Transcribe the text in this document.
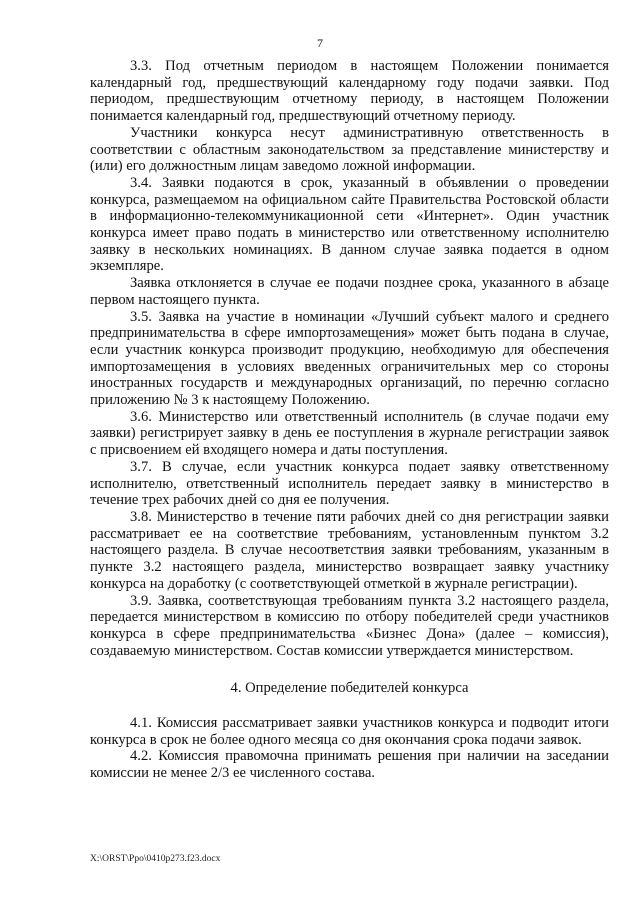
7

3.3. Под отчетным периодом в настоящем Положении понимается календарный год, предшествующий календарному году подачи заявки. Под периодом, предшествующим отчетному периоду, в настоящем Положении понимается календарный год, предшествующий отчетному периоду.

Участники конкурса несут административную ответственность в соответствии с областным законодательством за представление министерству и (или) его должностным лицам заведомо ложной информации.

3.4. Заявки подаются в срок, указанный в объявлении о проведении конкурса, размещаемом на официальном сайте Правительства Ростовской области в информационно-телекоммуникационной сети «Интернет». Один участник конкурса имеет право подать в министерство или ответственному исполнителю заявку в нескольких номинациях. В данном случае заявка подается в одном экземпляре.

Заявка отклоняется в случае ее подачи позднее срока, указанного в абзаце первом настоящего пункта.

3.5. Заявка на участие в номинации «Лучший субъект малого и среднего предпринимательства в сфере импортозамещения» может быть подана в случае, если участник конкурса производит продукцию, необходимую для обеспечения импортозамещения в условиях введенных ограничительных мер со стороны иностранных государств и международных организаций, по перечню согласно приложению № 3 к настоящему Положению.

3.6. Министерство или ответственный исполнитель (в случае подачи ему заявки) регистрирует заявку в день ее поступления в журнале регистрации заявок с присвоением ей входящего номера и даты поступления.

3.7. В случае, если участник конкурса подает заявку ответственному исполнителю, ответственный исполнитель передает заявку в министерство в течение трех рабочих дней со дня ее получения.

3.8. Министерство в течение пяти рабочих дней со дня регистрации заявки рассматривает ее на соответствие требованиям, установленным пунктом 3.2 настоящего раздела. В случае несоответствия заявки требованиям, указанным в пункте 3.2 настоящего раздела, министерство возвращает заявку участнику конкурса на доработку (с соответствующей отметкой в журнале регистрации).

3.9. Заявка, соответствующая требованиям пункта 3.2 настоящего раздела, передается министерством в комиссию по отбору победителей среди участников конкурса в сфере предпринимательства «Бизнес Дона» (далее – комиссия), создаваемую министерством. Состав комиссии утверждается министерством.

4. Определение победителей конкурса

4.1. Комиссия рассматривает заявки участников конкурса и подводит итоги конкурса в срок не более одного месяца со дня окончания срока подачи заявок.

4.2. Комиссия правомочна принимать решения при наличии на заседании комиссии не менее 2/3 ее численного состава.

X:\ORST\Ppo\0410p273.f23.docx
